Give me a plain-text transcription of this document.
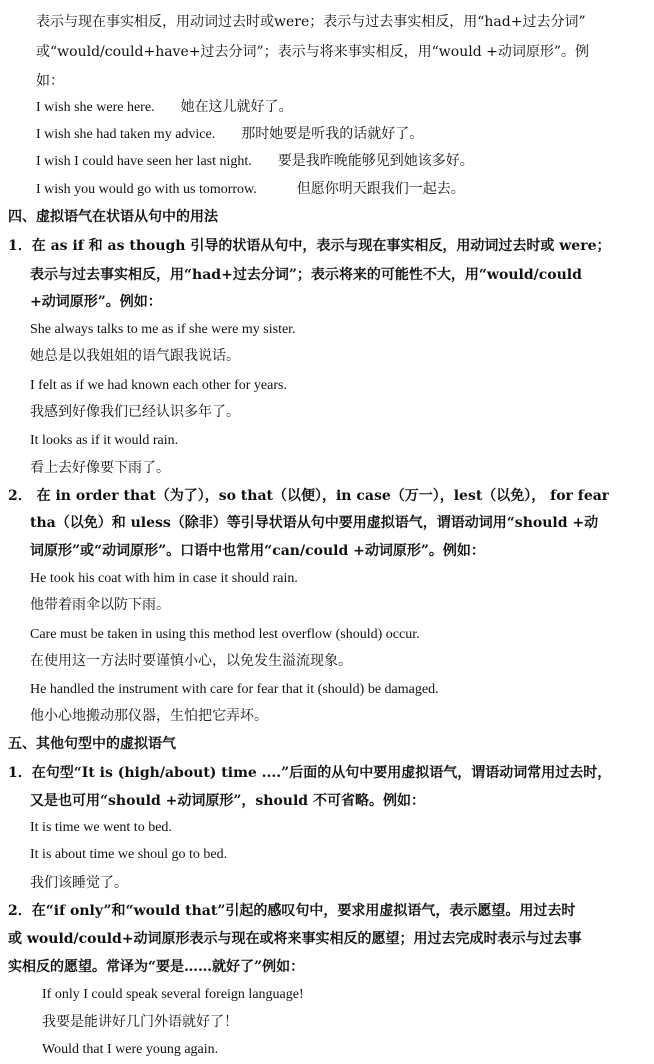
表示与现在事实相反，用动词过去时或were；表示与过去事实相反，用“had+过去分词”
或“would/could+have+过去分词”；表示与将来事实相反，用“would +动词原形”。例
如：
I wish she were here. 她在这儿就好了。
I wish she had taken my advice. 那时她要是听我的话就好了。
I wish I could have seen her last night. 要是我昨晚能够见到她该多好。
I wish you would go with us tomorrow.	但愿你明天跟我们一起去。
四、虚拟语气在状语从句中的用法
1．在 as if 和 as though 引导的状语从句中，表示与现在事实相反，用动词过去时或 were；
表示与过去事实相反，用“had+过去分词”；表示将来的可能性不大，用“would/could
+动词原形”。例如：
She always talks to me as if she were my sister.
她总是以我姐姐的语气跟我说话。
I felt as if we had known each other for years.
我感到好像我们已经认识多年了。
It looks as if it would rain.
看上去好像要下雨了。
2． 在 in order that（为了），so that（以便），in case（万一），lest（以免）， for fear
tha（以免）和 uless（除非）等引导状语从句中要用虚拟语气，谓语动词用“should +动
词原形”或“动词原形”。口语中也常用“can/could +动词原形”。例如：
He took his coat with him in case it should rain.
他带着雨伞以防下雨。
Care must be taken in using this method lest overflow (should) occur.
在使用这一方法时要谨慎小心，以免发生溢流现象。
He handled the instrument with care for fear that it (should) be damaged.
他小心地搬动那仪器，生怕把它弄坏。
五、其他句型中的虚拟语气
1．在句型“It is (high/about) time ....”后面的从句中要用虚拟语气，谓语动词常用过去时，
又是也可用“should +动词原形”，should 不可省略。例如：
It is time we went to bed.
It is about time we shoul go to bed.
我们该睡觉了。
2．在“if only”和“would that”引起的感叹句中，要求用虚拟语气，表示愿望。用过去时
或 would/could+动词原形表示与现在或将来事实相反的愿望；用过去完成时表示与过去事
实相反的愿望。常译为“要是……就好了”例如：
If only I could speak several foreign language!
我要是能讲好几门外语就好了！
Would that I were young again.
